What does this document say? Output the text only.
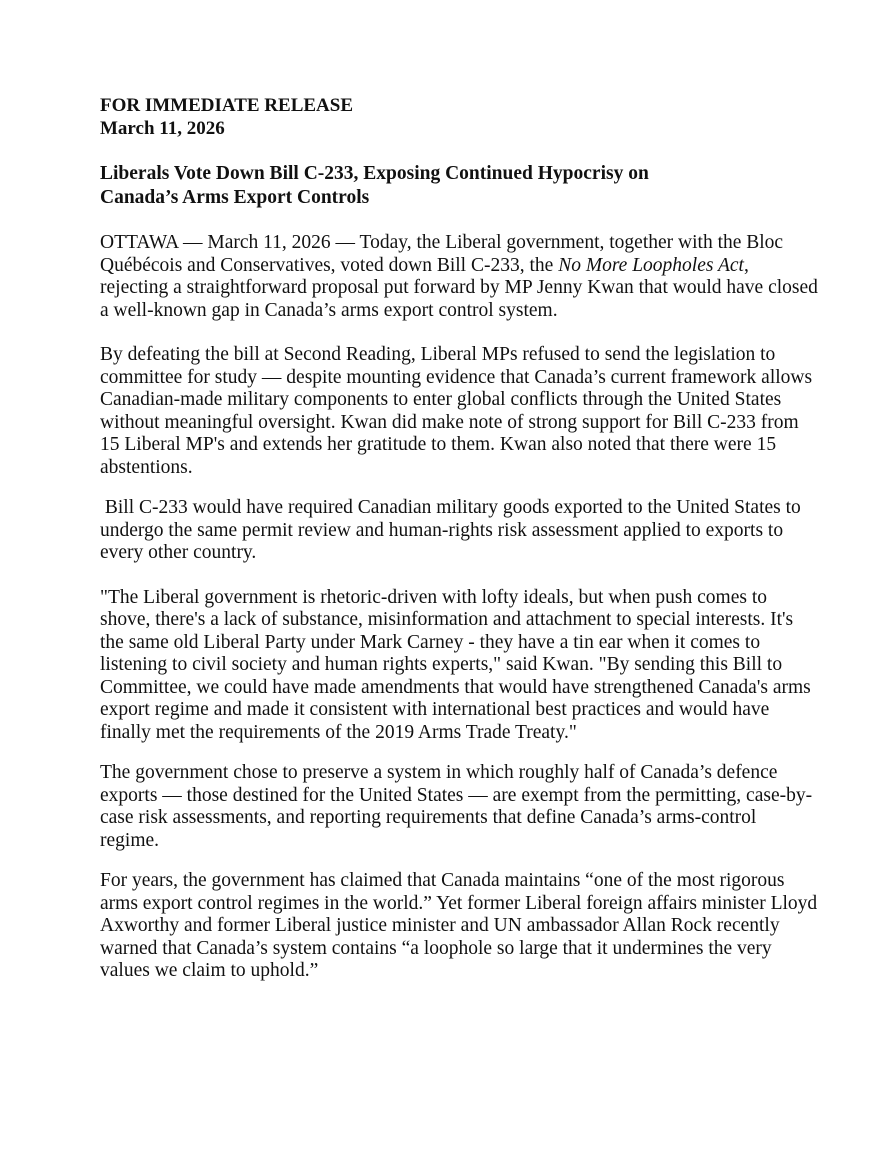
FOR IMMEDIATE RELEASE

March 11, 2026

Liberals Vote Down Bill C-233, Exposing Continued Hypocrisy on
Canada’s Arms Export Controls

OTTAWA — March 11, 2026 — Today, the Liberal government, together with the Bloc Québécois and Conservatives, voted down Bill C-233, the No More Loopholes Act, rejecting a straightforward proposal put forward by MP Jenny Kwan that would have closed a well-known gap in Canada’s arms export control system.

By defeating the bill at Second Reading, Liberal MPs refused to send the legislation to committee for study — despite mounting evidence that Canada’s current framework allows Canadian-made military components to enter global conflicts through the United States without meaningful oversight. Kwan did make note of strong support for Bill C-233 from 15 Liberal MP's and extends her gratitude to them. Kwan also noted that there were 15 abstentions.

Bill C-233 would have required Canadian military goods exported to the United States to undergo the same permit review and human-rights risk assessment applied to exports to every other country.

"The Liberal government is rhetoric-driven with lofty ideals, but when push comes to shove, there's a lack of substance, misinformation and attachment to special interests. It's the same old Liberal Party under Mark Carney - they have a tin ear when it comes to listening to civil society and human rights experts," said Kwan. "By sending this Bill to Committee, we could have made amendments that would have strengthened Canada's arms export regime and made it consistent with international best practices and would have finally met the requirements of the 2019 Arms Trade Treaty."

The government chose to preserve a system in which roughly half of Canada’s defence exports — those destined for the United States — are exempt from the permitting, case-by-case risk assessments, and reporting requirements that define Canada’s arms-control regime.

For years, the government has claimed that Canada maintains “one of the most rigorous arms export control regimes in the world.” Yet former Liberal foreign affairs minister Lloyd Axworthy and former Liberal justice minister and UN ambassador Allan Rock recently warned that Canada’s system contains “a loophole so large that it undermines the very values we claim to uphold.”
